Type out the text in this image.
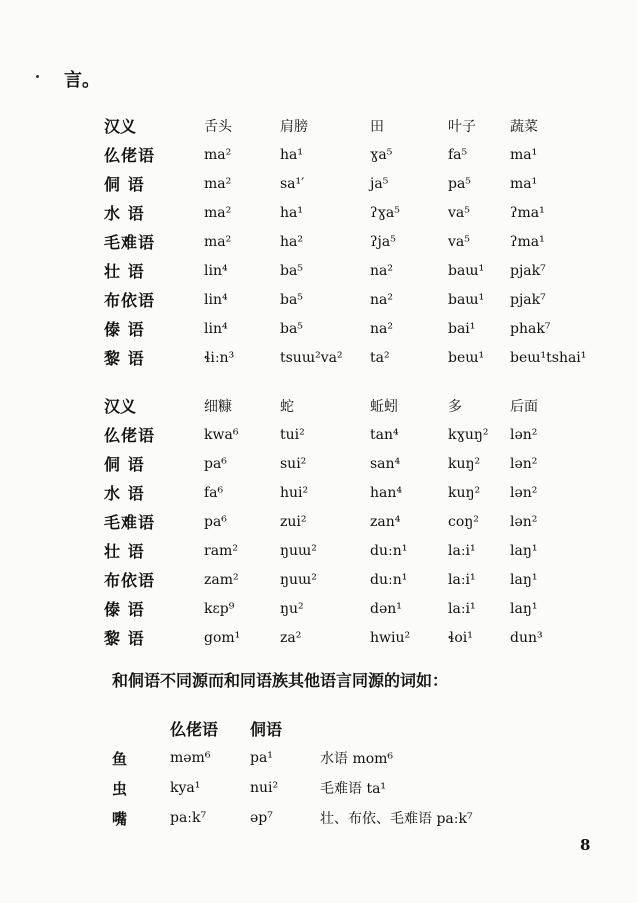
言。
汉义	舌头	肩膀	田	叶子	蔬菜
仫佬语	ma²	ha¹	ɣa⁵	fa⁵	ma¹
侗 语	ma²	sa¹′	ja⁵	pa⁵	ma¹
水 语	ma²	ha¹	ʔɣa⁵	va⁵	ʔma¹
毛难语	ma²	ha²	ʔja⁵	va⁵	ʔma¹
壮 语	lin⁴	ba⁵	na²	baɯ¹	pjak⁷
布依语	lin⁴	ba⁵	na²	baɯ¹	pjak⁷
傣 语	lin⁴	ba⁵	na²	bai¹	phak⁷
黎 语	ɬiːn³	tsuɯ²va²	ta²	beɯ¹	beɯ¹tshai¹
汉义	细糠	蛇	蚯蚓	多	后面
仫佬语	kwa⁶	tui²	tan⁴	kɣuŋ²	lən²
侗 语	pa⁶	sui²	san⁴	kuŋ²	lən²
水 语	fa⁶	hui²	han⁴	kuŋ²	lən²
毛难语	pa⁶	zui²	zan⁴	coŋ²	lən²
壮 语	ram²	ŋuɯ²	duːn¹	laːi¹	laŋ¹
布依语	zam²	ŋuɯ²	duːn¹	laːi¹	laŋ¹
傣 语	kɛp⁹	ŋu²	dən¹	laːi¹	laŋ¹
黎 语	gom¹	za²	hwiu²	ɬoi¹	dun³
和侗语不同源而和同语族其他语言同源的词如：
	仫佬语	侗语	
鱼	məm⁶	pa¹	水语 mom⁶
虫	kya¹	nui²	毛难语 ta¹
嘴	paːk⁷	əp⁷	壮、布依、毛难语 paːk⁷
8
